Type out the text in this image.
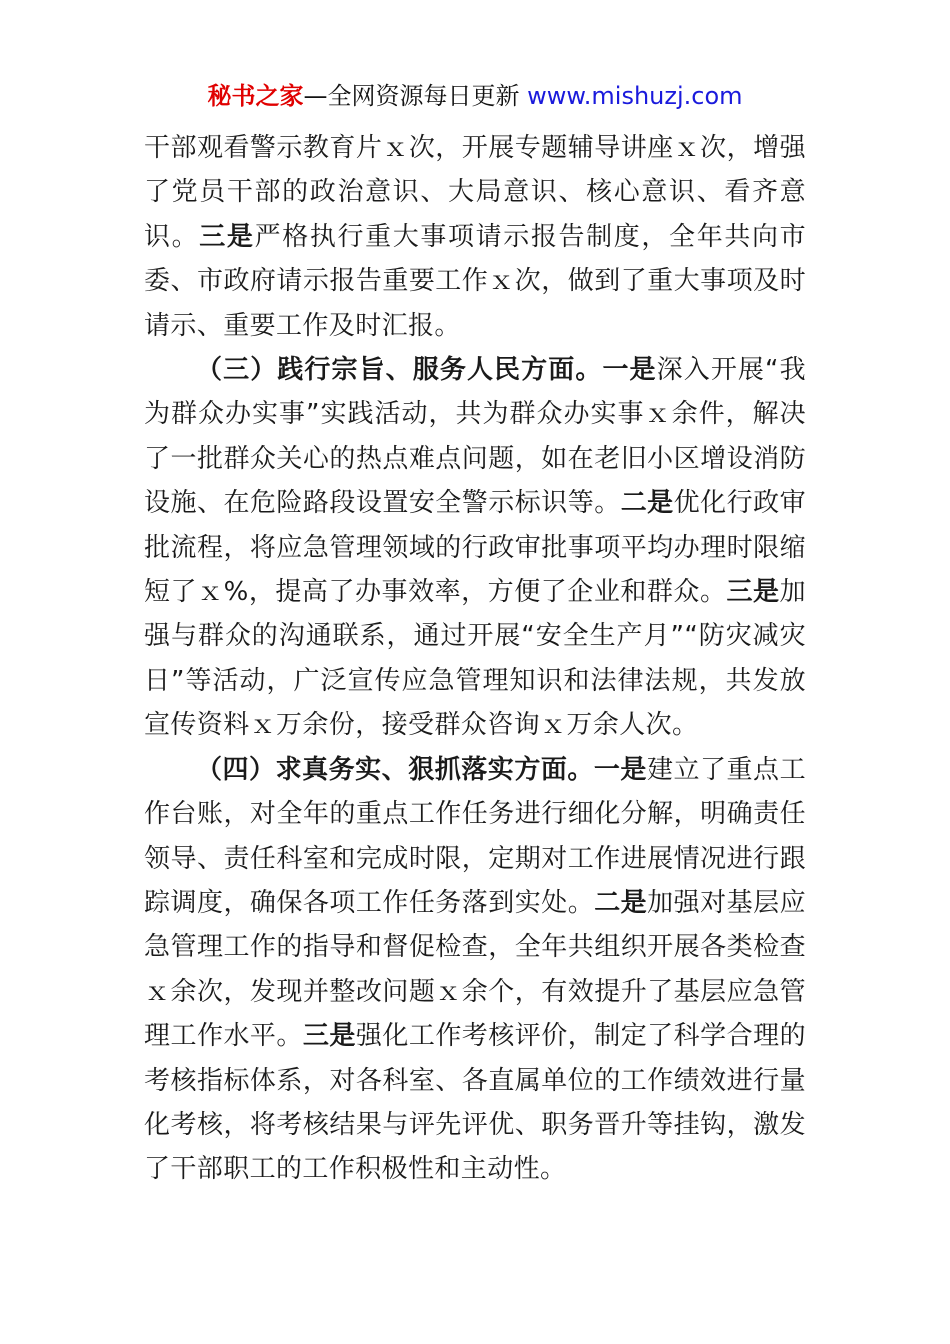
秘书之家—全网资源每日更新 www.mishuzj.com

干部观看警示教育片ｘ次，开展专题辅导讲座ｘ次，增强了党员干部的政治意识、大局意识、核心意识、看齐意识。三是严格执行重大事项请示报告制度，全年共向市委、市政府请示报告重要工作ｘ次，做到了重大事项及时请示、重要工作及时汇报。

（三）践行宗旨、服务人民方面。一是深入开展“我为群众办实事”实践活动，共为群众办实事ｘ余件，解决了一批群众关心的热点难点问题，如在老旧小区增设消防设施、在危险路段设置安全警示标识等。二是优化行政审批流程，将应急管理领域的行政审批事项平均办理时限缩短了ｘ%，提高了办事效率，方便了企业和群众。三是加强与群众的沟通联系，通过开展“安全生产月”“防灾减灾日”等活动，广泛宣传应急管理知识和法律法规，共发放宣传资料ｘ万余份，接受群众咨询ｘ万余人次。

（四）求真务实、狠抓落实方面。一是建立了重点工作台账，对全年的重点工作任务进行细化分解，明确责任领导、责任科室和完成时限，定期对工作进展情况进行跟踪调度，确保各项工作任务落到实处。二是加强对基层应急管理工作的指导和督促检查，全年共组织开展各类检查ｘ余次，发现并整改问题ｘ余个，有效提升了基层应急管理工作水平。三是强化工作考核评价，制定了科学合理的考核指标体系，对各科室、各直属单位的工作绩效进行量化考核，将考核结果与评先评优、职务晋升等挂钩，激发了干部职工的工作积极性和主动性。
